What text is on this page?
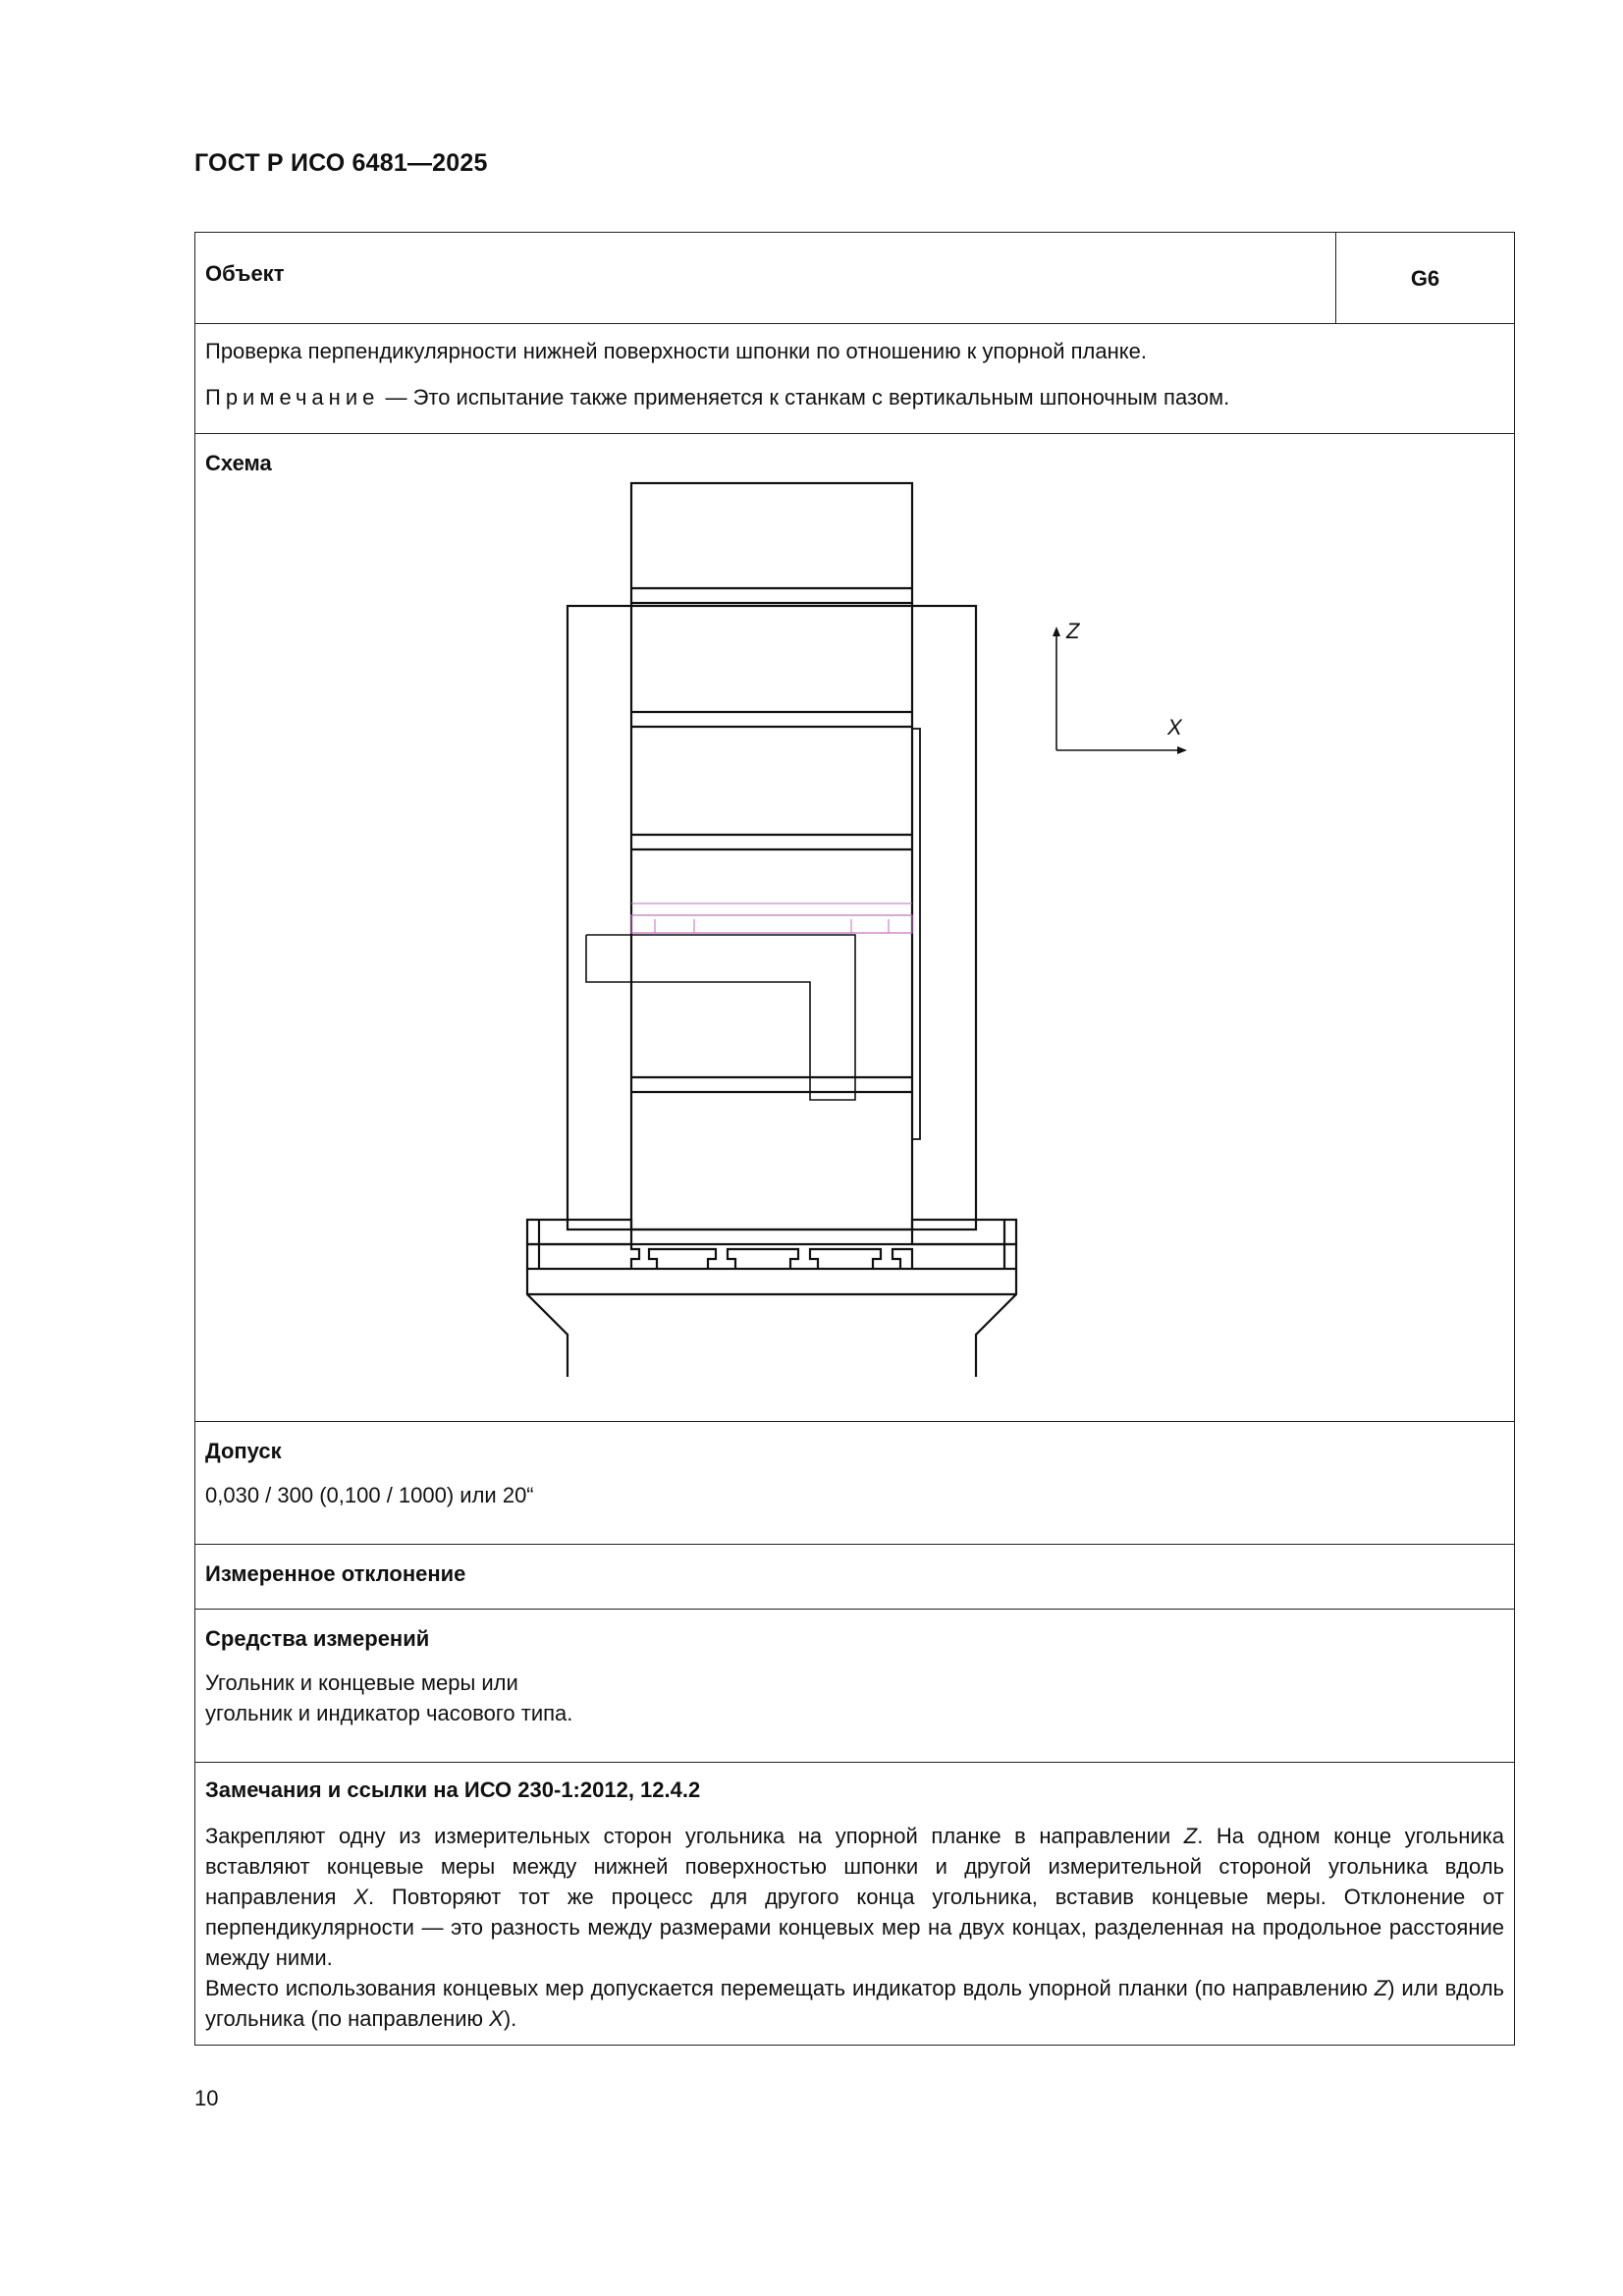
ГОСТ Р ИСО 6481—2025
Объект	G6

Проверка перпендикулярности нижней поверхности шпонки по отношению к упорной планке.
Примечание — Это испытание также применяется к станкам с вертикальным шпоночным пазом.

Схема
Z
X

Допуск
0,030 / 300 (0,100 / 1000) или 20“

Измеренное отклонение

Средства измерений
Угольник и концевые меры или
угольник и индикатор часового типа.

Замечания и ссылки на ИСО 230-1:2012, 12.4.2

Закрепляют одну из измерительных сторон угольника на упорной планке в направлении Z. На одном конце угольника вставляют концевые меры между нижней поверхностью шпонки и другой измерительной стороной угольника вдоль направления X. Повторяют тот же процесс для другого конца угольника, вставив концевые меры. Отклонение от перпендикулярности — это разность между размерами концевых мер на двух концах, разделенная на продольное расстояние между ними.

Вместо использования концевых мер допускается перемещать индикатор вдоль упорной планки (по направлению Z) или вдоль угольника (по направлению X).

10
